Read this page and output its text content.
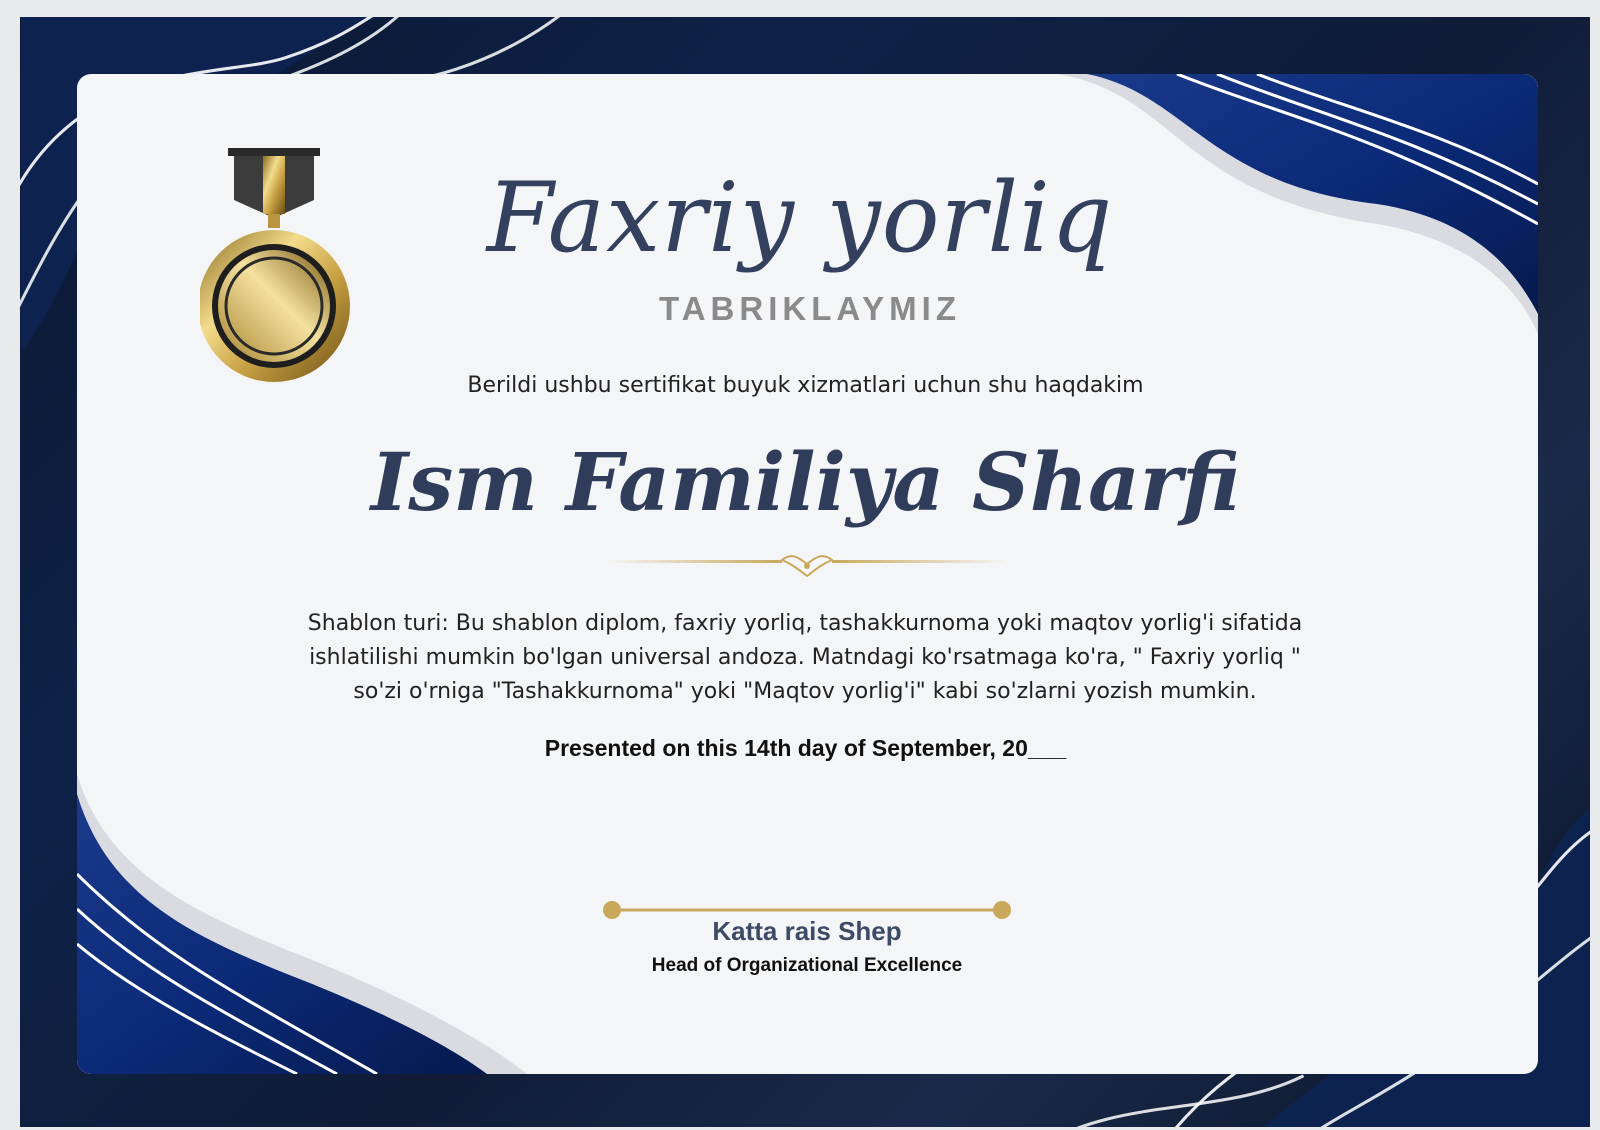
Faxriy yorliq
TABRIKLAYMIZ
Berildi ushbu sertifikat buyuk xizmatlari uchun shu haqdakim
Ism Familiya Sharfi
Shablon turi: Bu shablon diplom, faxriy yorliq, tashakkurnoma yoki maqtov yorlig'i sifatida
ishlatilishi mumkin bo'lgan universal andoza. Matndagi ko'rsatmaga ko'ra, " Faxriy yorliq "
so'zi o'rniga "Tashakkurnoma" yoki "Maqtov yorlig'i" kabi so'zlarni yozish mumkin.
Presented on this 14th day of September, 20___
Katta rais Shep
Head of Organizational Excellence
